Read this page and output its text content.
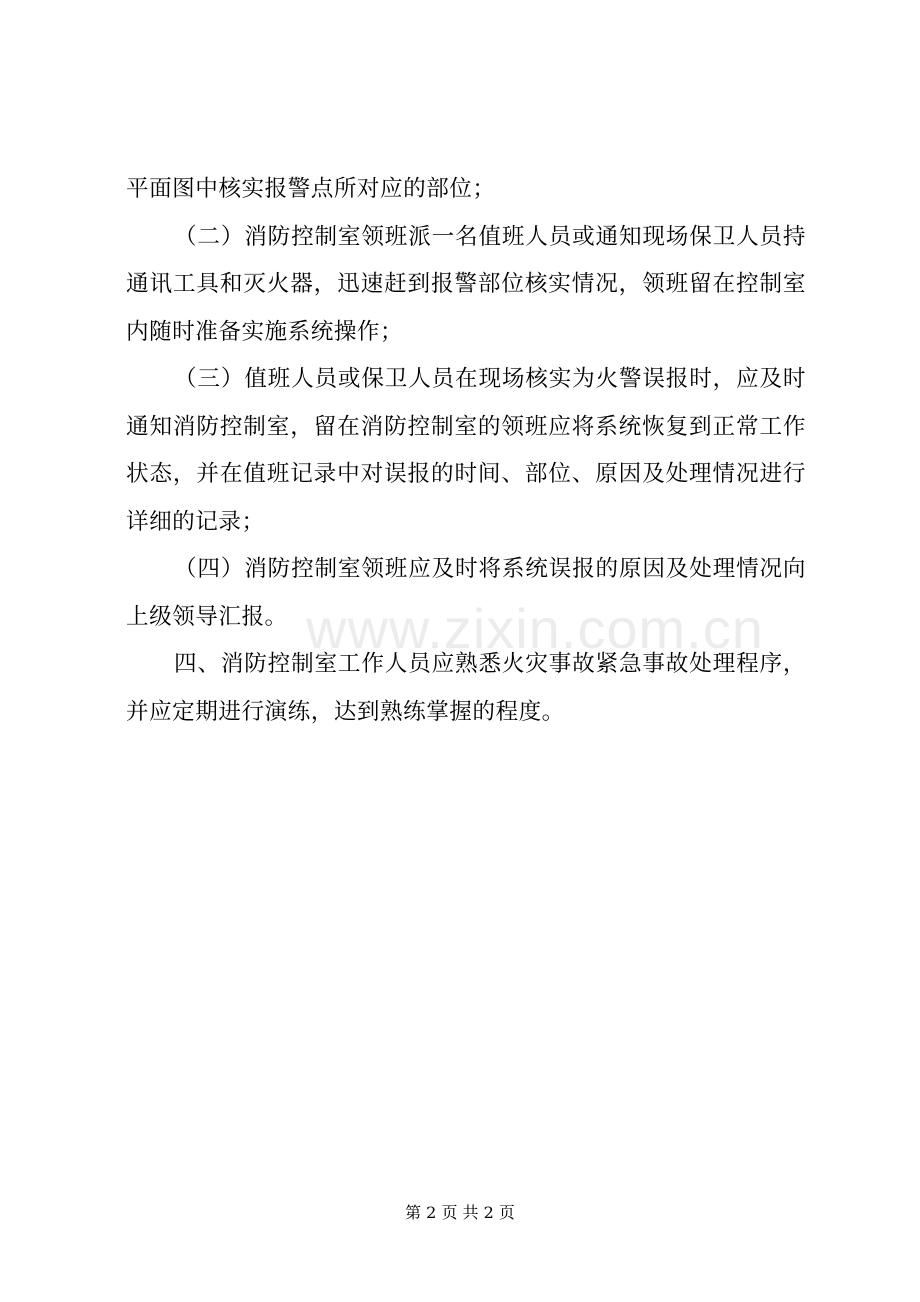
www.zixin.com.cn

平面图中核实报警点所对应的部位；

（二）消防控制室领班派一名值班人员或通知现场保卫人员持通讯工具和灭火器，迅速赶到报警部位核实情况，领班留在控制室内随时准备实施系统操作；

（三）值班人员或保卫人员在现场核实为火警误报时，应及时通知消防控制室，留在消防控制室的领班应将系统恢复到正常工作状态，并在值班记录中对误报的时间、部位、原因及处理情况进行详细的记录；

（四）消防控制室领班应及时将系统误报的原因及处理情况向上级领导汇报。

四、消防控制室工作人员应熟悉火灾事故紧急事故处理程序，并应定期进行演练，达到熟练掌握的程度。

第 2 页 共 2 页
